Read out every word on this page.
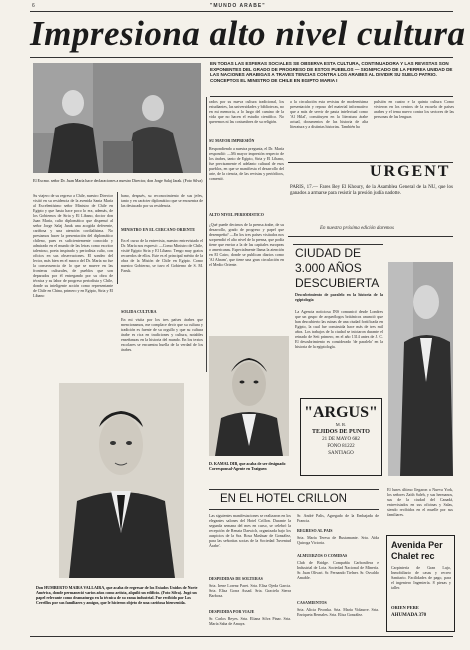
6	"MUNDO ARABE"
Impresiona alto nivel cultura
El Excmo. señor Dr. Juan María hace declaraciones a nuestro Director, don Jorge Salaj Jarak. (Foto Silva)
EN TODAS LAS ESFERAS SOCIALES SE OBSERVA ESTA CULTURA, CONTINUADORA Y LAS REVISTAS SON EXPONENTES DEL GRADO DE PROGRESO DE ESTOS PUEBLOS — SIGNIFICADO DE LA FERREA UNIDAD DE LAS NACIONES ARABIGAS A TRAVES TENCIAS CONTRA LOS ARABES AL DIVIDIR SU SUELO PATRIO. CONCEPTOS EL MINISTRO DE CHILE EN EGIPTO MARIA I
rados por su nueva cultura tradicional, los estudiantes, las universidades y bibliotecas, no en mi memoria, a lo largo del camino de la vida que no hacen el estudio científico. No queremos ni las costumbres de su religión.
SU MAYOR IMPRESIÓN
Respondiendo a nuestra pregunta, el Dr. María respondió: —Mi mayor impresión respecto de los árabes, tanto de Egipto, Siria y El Líbano, fue precisamente el adelanto cultural de esos pueblos, en que se manifiesta el desarrollo del arte, de la ciencia, de las revistas y periódicos, comentó.
a la circulación esta revistas de modernísima presentación y reposo del material informativo que a más de servir de pauta intelectual como 'Al Hilal', constituyen en la literatura árabe actual, documentos de las historia de alta literatura y a distintas historias. También ha
pulsión en cuatro e la quinta cultura Como vivieron en los centros de la escuela de países arabes y el tema nuevo contra los sectores de las personas de las lenguas
URGENT
PARIS, 17.— Fares Bey El Khoury, de la Asamblea General de la NU, que los ganados a armarse para resistir la presión judía nadotte.
En nuestra próxima edición daremos
Su viajero de su regreso a Chile, nuestro Director visitó en su residencia de la avenida Santa María al Excelentísimo señor Ministro de Chile en Egipto y que hasta hace poco lo era, además, de los Gobiernos de Siria y El Líbano, doctor don Juan María, culto diplomático que dispensó al señor Jorge Salaj Jarak una acogida deferente, cariñosa y una atención cordialísima. No prestamos hacer la presentación del diplomático chileno, pues es suficientemente conocido y admirado en el mundo de las letras como escritor talentoso, poeta inspirado y periodista culto, con oficios en sus observaciones. El sondeo del lector, más bien en el marco del Dr. María no fue la consecuencia de lo que se mueve en las fronteras culturales, de pueblos que son deparados por él entregando por su obra de técnica y su labor de progreso periodista y Chile, donde su inteligente acción como representante de Chile en China, primero y en Egipto, Siria y El Líbano
bano, después, su reconocimiento de sus jefes, tanto y en carácter diplomático que se encuentra de las destacado por su residencia.
MINISTRO EN EL CERCANO ORIENTE
En el curso de la entrevista, nuestro entrevistado el Dr. María nos expresó: —Como Ministro de Chile, visité Egipto Siria y El Líbano. Tengo muy gratos recuerdos de ellos. Este es el principal mérito de la obra de la Misión de Chile en Egipto. Como nuestro Gobierno, se tuvo el Gobierno de S. M. Faruk.
SOLIDA CULTURA
En mi visita por los tres países árabes que mencionamos, me complace decir que su cultura y tradición es fuente de su orgullo y que su cultura árabe es rica en tradiciones y cultura, notables enseñanzas en la historia del mundo. En los textos escolares se encuentra huella de la verdad de los árabes.
ALTO NIVEL PERIODISTICO
¿Qué puede decirnos de la prensa árabe, de su desarrollo, grado de progreso y papel que desempeña? —En los tres países visitados nos sorprendió el alto nivel de la prensa, que podía tiene que enviar a la de las capitales europeas o americanas. Especialmente llama la atención en El Cairo, donde se publican diarios como 'Al Ahram', que tiene una gran circulación en el Medio Oriente.
Don HUMBERTO MAIRA VALLAIRA, que acaba de regresar de los Estados Unidos de Norte América, donde permaneció varios años como artista, alquiló un edificio. (Foto Silva). Jugó un papel relevante como dramaturgo en la técnica de su rama industrial. Fue recibido por Los Cerrillos por sus familiares y amigos, que le hicieron objeto de una cariñosa bienvenida.
D. KAMAL DIB, que acaba de ser designado Corresponsal-Agente en Traiguen
CIUDAD DE
3.000 AÑOS
DESCUBIERTA
Descubrimiento de paralelo en la historia de la egiptología
La Agencia noticiosa INS comunicó desde Londres que un grupo de arqueólogos británicos anunció que han descubierto las ruinas de una ciudad fortificada en Egipto, la cual fue construida hace más de tres mil años. Los trabajos de la ciudad se iniciaron durante el reinado de Seti primero, en el año 1314 antes de J. C. El descubrimiento es considerado 'de paralelo' en la historia de la egiptología.
"ARGUS"
M. R.
TEJIDOS DE PUNTO
21 DE MAYO 682
FONO 81222
SANTIAGO
EN EL HOTEL CRILLON
Las siguientes manifestaciones se realizaron en los elegantes salones del Hotel Crillon. Durante la segunda semana del mes en curso, se celebró la recepción de Renata Darwich, organizada bajo los auspicios de la Sra. Rosa Mashuar de González, para las señoritas socias de la Sociedad 'Juventud Árabe'.
DESPEDIDAS DE SOLTERAS
Srta. Irene Lorenz Paret. Srta. Elisa Ojeda Garcia. Srta. Elisa Gorra Assad. Srta. Graciela Sierra Barbosa.
DESPEDIDA POR VIAJE
Sr. Carlos Reyes. Srta. Eliana Silva Pinar. Srta. María Saba de Amaya.
Sr. André Palis, Agregado de la Embajada de Francia.
REGRESO AL PAIS
Srta. María Teresa de Bustamante. Srta. Aída Quiroga Victoria.
ALMUERZOS O COMIDAS
Club de Bridge. Compañía Carbonífera e Industrial de Lota. Sociedad Nacional de Minería. Sr. Juan Olivari. Sr. Fernando Tielner. Sr. Osvaldo Amable.
CASAMIENTOS
Srta. Alicia Pivonka. Srta. María Vidaurre. Srta. Enriqueta Bernales. Srta. Elisa González.
El lunes último llegaron a Nueva York, los señores Zaith Saleh, y sus hermanos, sus de la ciudad del Canadá, entrevistados en sus oficinas y Salas, siendo recibidos en el muelle por sus familiares.
Avenida Per
Chalet rec
Carpintería de Gran Lujo, Inmobiliario de casas y recreo Sanitario. Facilidades de pago, para el ingeniero Ingeniería. 8 piezas y taller.
ORIEN PERE
AHUMADA 370
